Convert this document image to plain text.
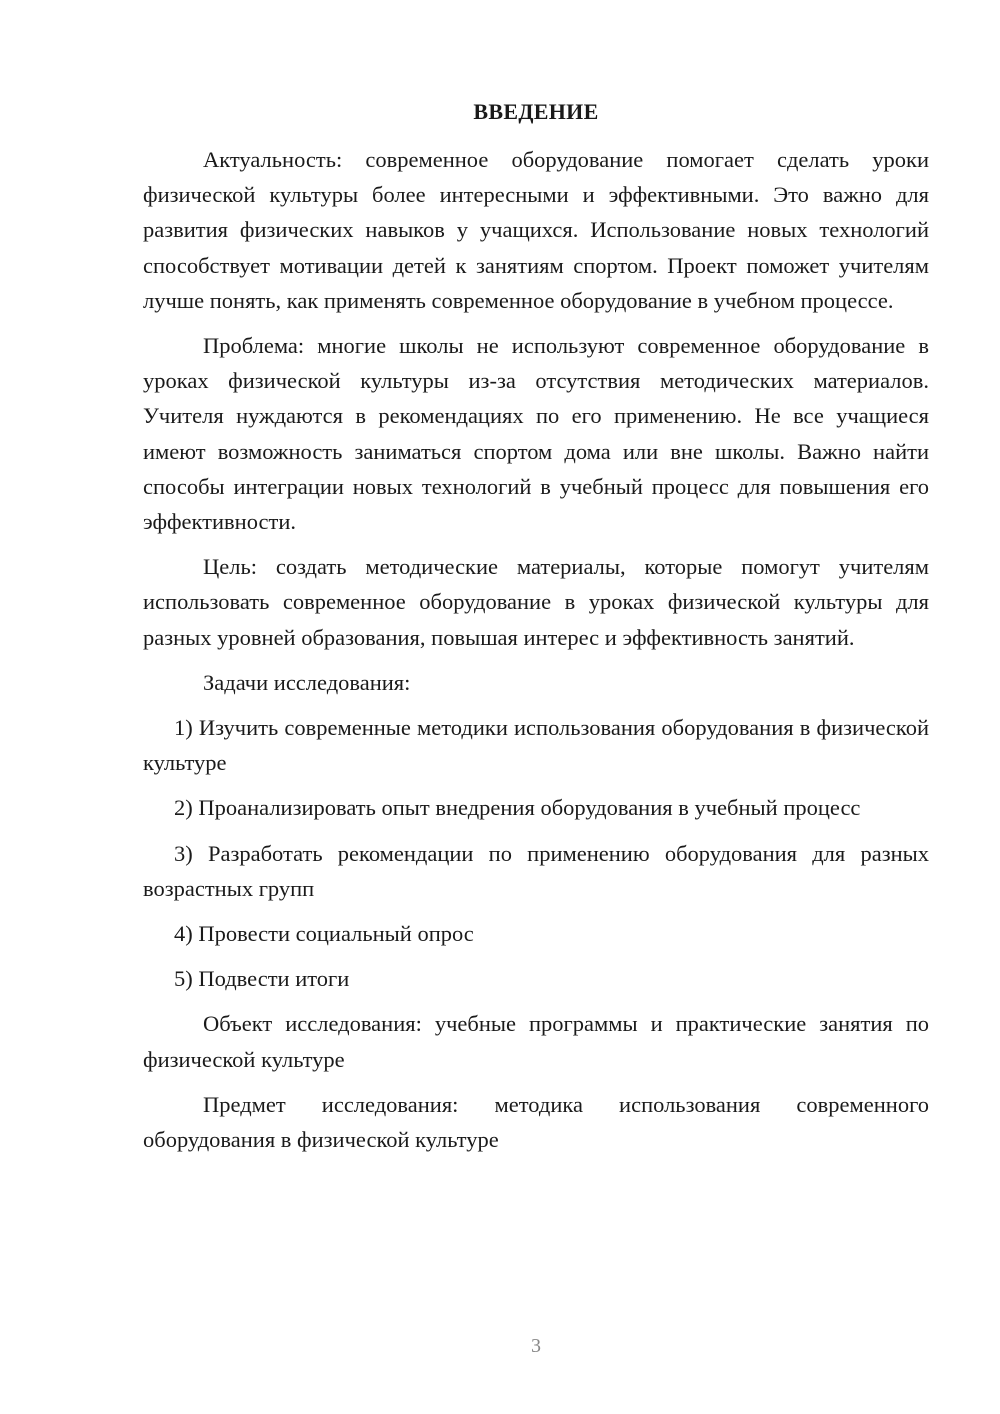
ВВЕДЕНИЕ

Актуальность: современное оборудование помогает сделать уроки физической культуры более интересными и эффективными. Это важно для развития физических навыков у учащихся. Использование новых технологий способствует мотивации детей к занятиям спортом. Проект поможет учителям лучше понять, как применять современное оборудование в учебном процессе.

Проблема: многие школы не используют современное оборудование в уроках физической культуры из-за отсутствия методических материалов. Учителя нуждаются в рекомендациях по его применению. Не все учащиеся имеют возможность заниматься спортом дома или вне школы. Важно найти способы интеграции новых технологий в учебный процесс для повышения его эффективности.

Цель: создать методические материалы, которые помогут учителям использовать современное оборудование в уроках физической культуры для разных уровней образования, повышая интерес и эффективность занятий.

Задачи исследования:

1) Изучить современные методики использования оборудования в физической культуре

2) Проанализировать опыт внедрения оборудования в учебный процесс

3) Разработать рекомендации по применению оборудования для разных возрастных групп

4) Провести социальный опрос

5) Подвести итоги

Объект исследования: учебные программы и практические занятия по физической культуре

Предмет исследования: методика использования современного оборудования в физической культуре

3
